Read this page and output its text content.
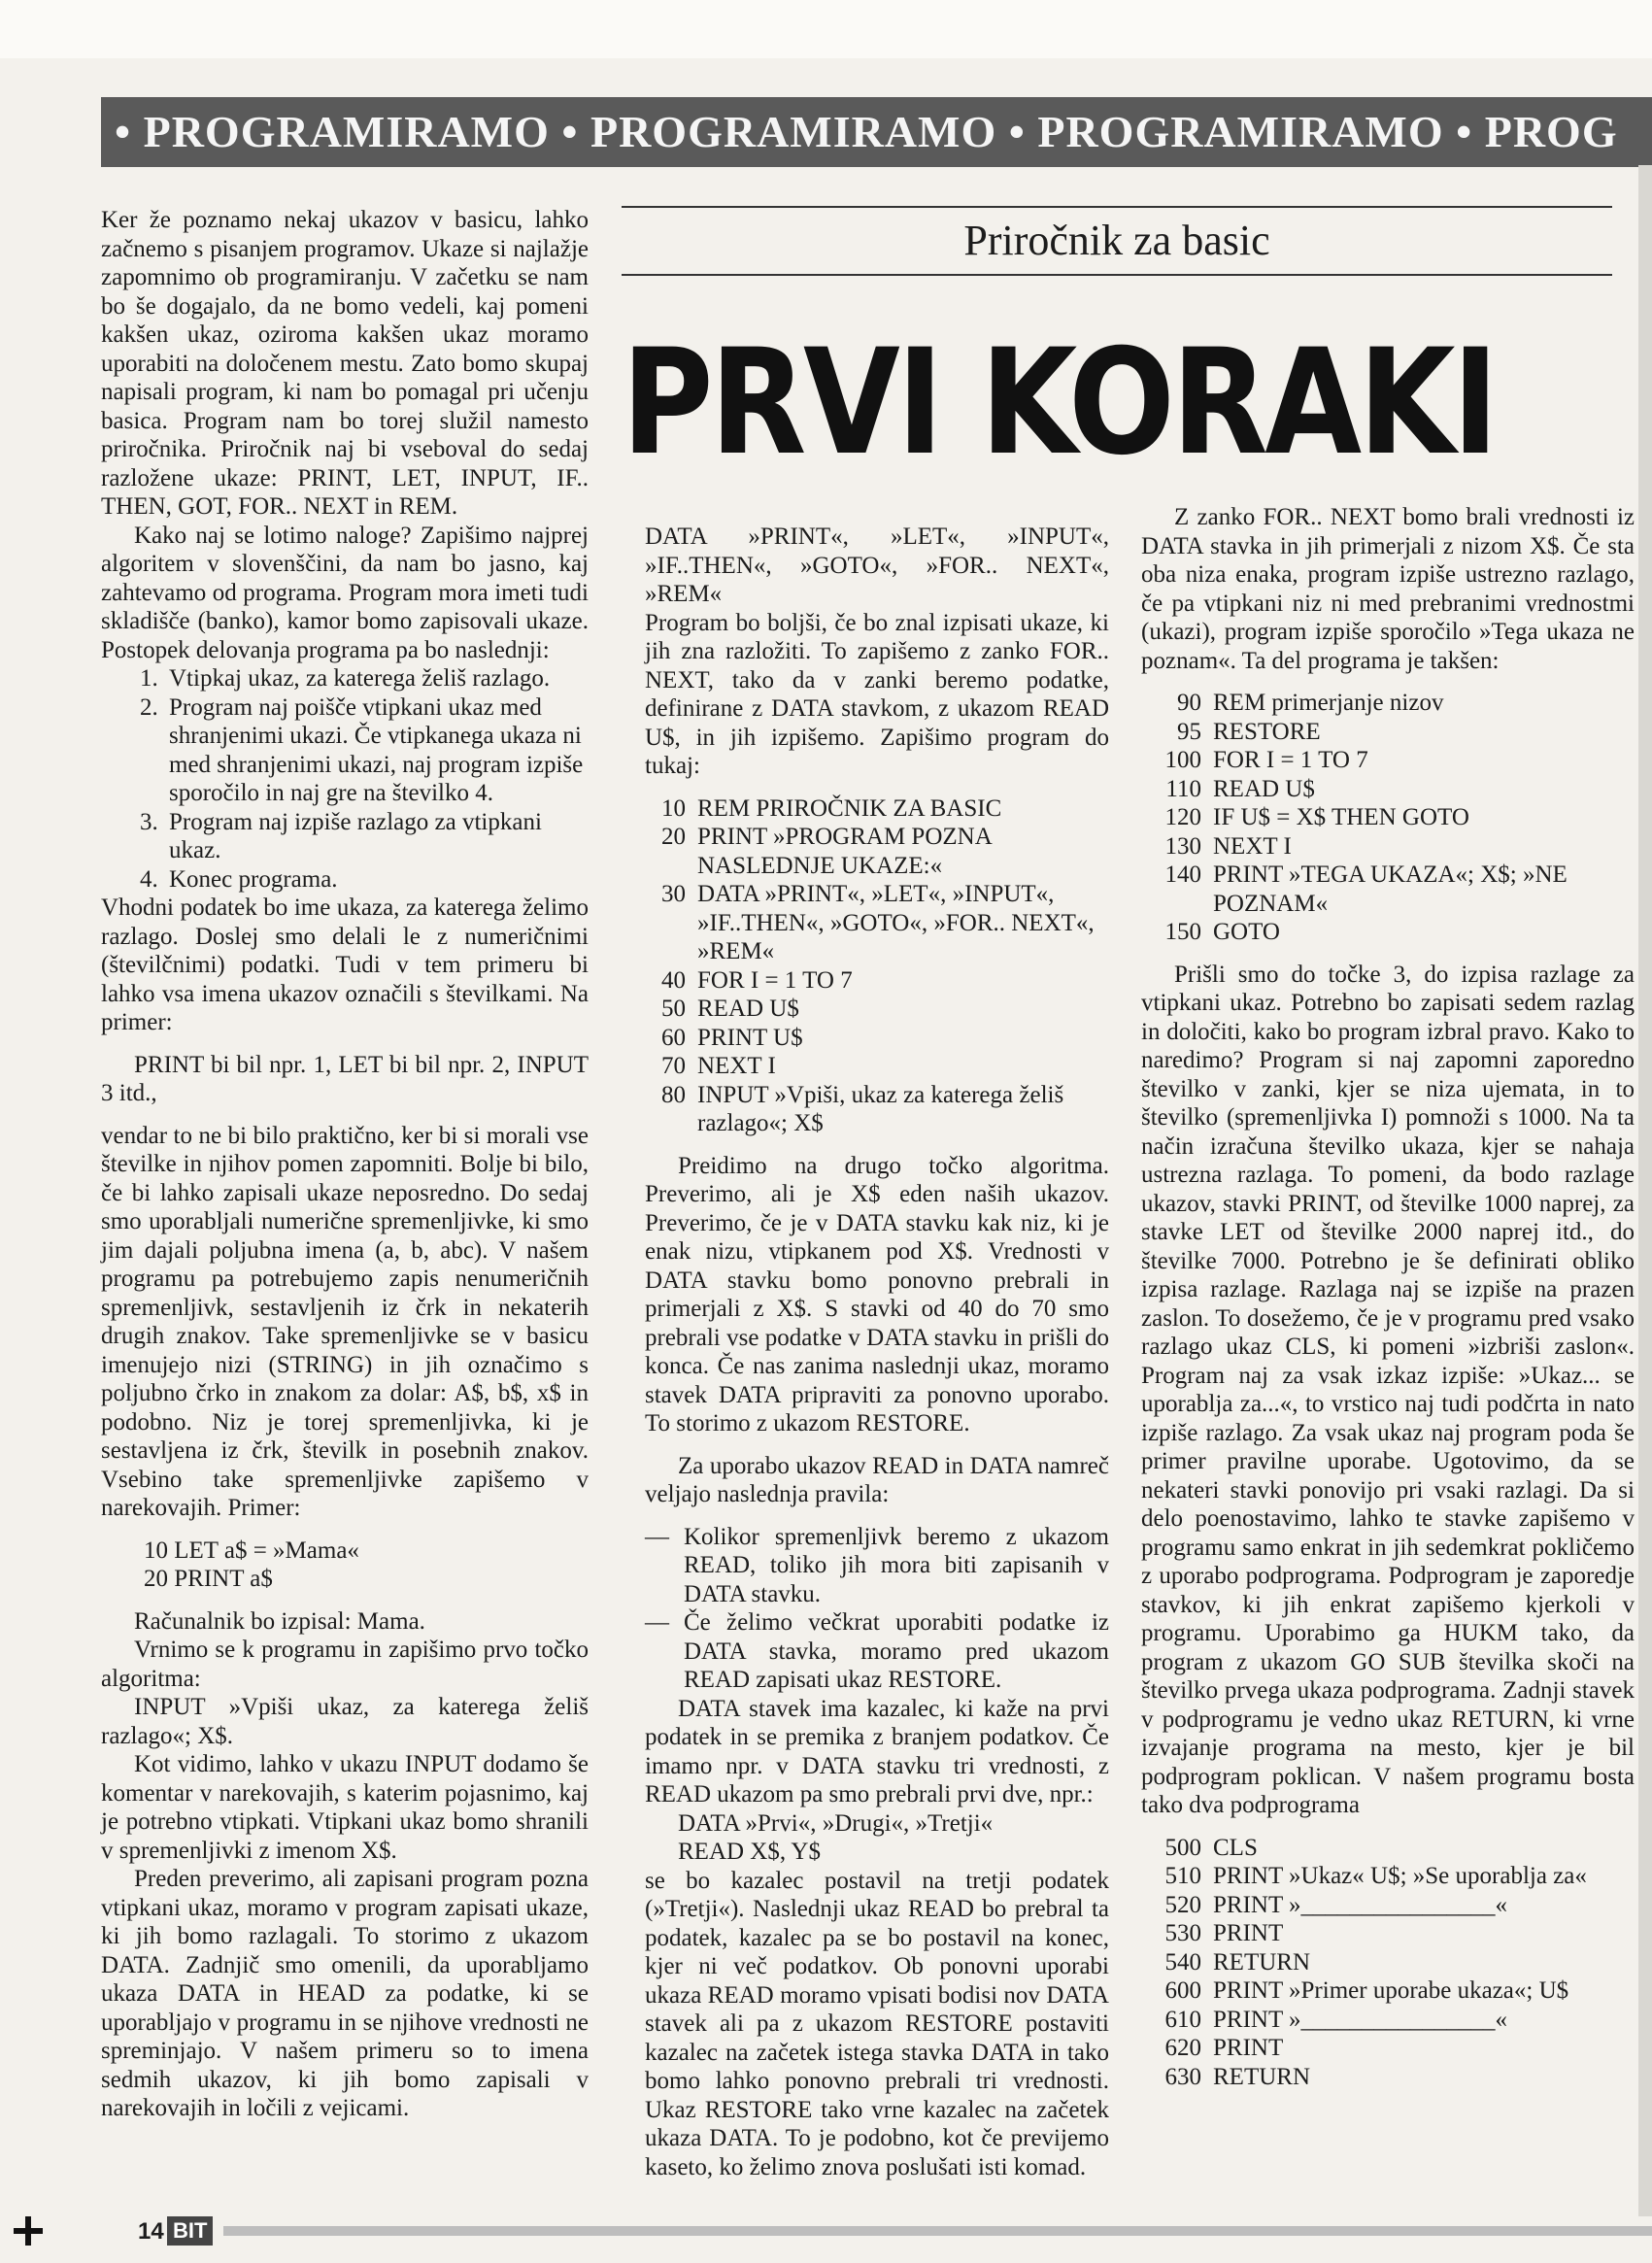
• PROGRAMIRAMO • PROGRAMIRAMO • PROGRAMIRAMO • PROG
Priročnik za basic
PRVI KORAKI

Ker že poznamo nekaj ukazov v basicu, lahko začnemo s pisanjem programov. Ukaze si najlažje zapomnimo ob programiranju. V začetku se nam bo še dogajalo, da ne bomo vedeli, kaj pomeni kakšen ukaz, oziroma kakšen ukaz moramo uporabiti na določenem mestu. Zato bomo skupaj napisali program, ki nam bo pomagal pri učenju basica. Program nam bo torej služil namesto priročnika. Priročnik naj bi vseboval do sedaj razložene ukaze: PRINT, LET, INPUT, IF.. THEN, GOT, FOR.. NEXT in REM.

Kako naj se lotimo naloge? Zapišimo najprej algoritem v slovenščini, da nam bo jasno, kaj zahtevamo od programa. Program mora imeti tudi skladišče (banko), kamor bomo zapisovali ukaze. Postopek delovanja programa pa bo naslednji:

1. Vtipkaj ukaz, za katerega želiš razlago.
2. Program naj poišče vtipkani ukaz med shranjenimi ukazi. Če vtipkanega ukaza ni med shranjenimi ukazi, naj program izpiše sporočilo in naj gre na številko 4.
3. Program naj izpiše razlago za vtipkani ukaz.
4. Konec programa.

Vhodni podatek bo ime ukaza, za katerega želimo razlago. Doslej smo delali le z numeričnimi (številčnimi) podatki. Tudi v tem primeru bi lahko vsa imena ukazov označili s številkami. Na primer:

PRINT bi bil npr. 1, LET bi bil npr. 2, INPUT 3 itd.,

vendar to ne bi bilo praktično, ker bi si morali vse številke in njihov pomen zapomniti. Bolje bi bilo, če bi lahko zapisali ukaze neposredno. Do sedaj smo uporabljali numerične spremenljivke, ki smo jim dajali poljubna imena (a, b, abc). V našem programu pa potrebujemo zapis nenumeričnih spremenljivk, sestavljenih iz črk in nekaterih drugih znakov. Take spremenljivke se v basicu imenujejo nizi (STRING) in jih označimo s poljubno črko in znakom za dolar: A$, b$, x$ in podobno. Niz je torej spremenljivka, ki je sestavljena iz črk, številk in posebnih znakov. Vsebino take spremenljivke zapišemo v narekovajih. Primer:

10 LET a$ = »Mama«
20 PRINT a$

Računalnik bo izpisal: Mama.

Vrnimo se k programu in zapišimo prvo točko algoritma:

INPUT »Vpiši ukaz, za katerega želiš razlago«; X$.

Kot vidimo, lahko v ukazu INPUT dodamo še komentar v narekovajih, s katerim pojasnimo, kaj je potrebno vtipkati. Vtipkani ukaz bomo shranili v spremenljivki z imenom X$.

Preden preverimo, ali zapisani program pozna vtipkani ukaz, moramo v program zapisati ukaze, ki jih bomo razlagali. To storimo z ukazom DATA. Zadnjič smo omenili, da uporabljamo ukaza DATA in HEAD za podatke, ki se uporabljajo v programu in se njihove vrednosti ne spreminjajo. V našem primeru so to imena sedmih ukazov, ki jih bomo zapisali v narekovajih in ločili z vejicami.

DATA »PRINT«, »LET«, »INPUT«, »IF..THEN«, »GOTO«, »FOR.. NEXT«, »REM«

Program bo boljši, če bo znal izpisati ukaze, ki jih zna razložiti. To zapišemo z zanko FOR.. NEXT, tako da v zanki beremo podatke, definirane z DATA stavkom, z ukazom READ U$, in jih izpišemo. Zapišimo program do tukaj:

10 REM PRIROČNIK ZA BASIC
20 PRINT »PROGRAM POZNA NASLEDNJE UKAZE:«
30 DATA »PRINT«, »LET«, »INPUT«, »IF..THEN«, »GOTO«, »FOR.. NEXT«, »REM«
40 FOR I = 1 TO 7
50 READ U$
60 PRINT U$
70 NEXT I
80 INPUT »Vpiši, ukaz za katerega želiš razlago«; X$

Preidimo na drugo točko algoritma. Preverimo, ali je X$ eden naših ukazov. Preverimo, če je v DATA stavku kak niz, ki je enak nizu, vtipkanem pod X$. Vrednosti v DATA stavku bomo ponovno prebrali in primerjali z X$. S stavki od 40 do 70 smo prebrali vse podatke v DATA stavku in prišli do konca. Če nas zanima naslednji ukaz, moramo stavek DATA pripraviti za ponovno uporabo. To storimo z ukazom RESTORE.

Za uporabo ukazov READ in DATA namreč veljajo naslednja pravila:

— Kolikor spremenljivk beremo z ukazom READ, toliko jih mora biti zapisanih v DATA stavku.
— Če želimo večkrat uporabiti podatke iz DATA stavka, moramo pred ukazom READ zapisati ukaz RESTORE.

DATA stavek ima kazalec, ki kaže na prvi podatek in se premika z branjem podatkov. Če imamo npr. v DATA stavku tri vrednosti, z READ ukazom pa smo prebrali prvi dve, npr.:

DATA »Prvi«, »Drugi«, »Tretji«

READ X$, Y$

se bo kazalec postavil na tretji podatek (»Tretji«). Naslednji ukaz READ bo prebral ta podatek, kazalec pa se bo postavil na konec, kjer ni več podatkov. Ob ponovni uporabi ukaza READ moramo vpisati bodisi nov DATA stavek ali pa z ukazom RESTORE postaviti kazalec na začetek istega stavka DATA in tako bomo lahko ponovno prebrali tri vrednosti. Ukaz RESTORE tako vrne kazalec na začetek ukaza DATA. To je podobno, kot če previjemo kaseto, ko želimo znova poslušati isti komad.

Z zanko FOR.. NEXT bomo brali vrednosti iz DATA stavka in jih primerjali z nizom X$. Če sta oba niza enaka, program izpiše ustrezno razlago, če pa vtipkani niz ni med prebranimi vrednostmi (ukazi), program izpiše sporočilo »Tega ukaza ne poznam«. Ta del programa je takšen:

90 REM primerjanje nizov
95 RESTORE
100 FOR I = 1 TO 7
110 READ U$
120 IF U$ = X$ THEN GOTO
130 NEXT I
140 PRINT »TEGA UKAZA«; X$; »NE POZNAM«
150 GOTO

Prišli smo do točke 3, do izpisa razlage za vtipkani ukaz. Potrebno bo zapisati sedem razlag in določiti, kako bo program izbral pravo. Kako to naredimo? Program si naj zapomni zaporedno številko v zanki, kjer se niza ujemata, in to številko (spremenljivka I) pomnoži s 1000. Na ta način izračuna številko ukaza, kjer se nahaja ustrezna razlaga. To pomeni, da bodo razlage ukazov, stavki PRINT, od številke 1000 naprej, za stavke LET od številke 2000 naprej itd., do številke 7000. Potrebno je še definirati obliko izpisa razlage. Razlaga naj se izpiše na prazen zaslon. To dosežemo, če je v programu pred vsako razlago ukaz CLS, ki pomeni »izbriši zaslon«. Program naj za vsak izkaz izpiše: »Ukaz... se uporablja za...«, to vrstico naj tudi podčrta in nato izpiše razlago. Za vsak ukaz naj program poda še primer pravilne uporabe. Ugotovimo, da se nekateri stavki ponovijo pri vsaki razlagi. Da si delo poenostavimo, lahko te stavke zapišemo v programu samo enkrat in jih sedemkrat pokličemo z uporabo podprograma. Podprogram je zaporedje stavkov, ki jih enkrat zapišemo kjerkoli v programu. Uporabimo ga HUKM tako, da program z ukazom GO SUB številka skoči na številko prvega ukaza podprograma. Zadnji stavek v podprogramu je vedno ukaz RETURN, ki vrne izvajanje programa na mesto, kjer je bil podprogram poklican. V našem programu bosta tako dva podprograma

500 CLS
510 PRINT »Ukaz« U$; »Se uporablja za«
520 PRINT »________________«
530 PRINT
540 RETURN
600 PRINT »Primer uporabe ukaza«; U$
610 PRINT »________________«
620 PRINT
630 RETURN
14 BIT
